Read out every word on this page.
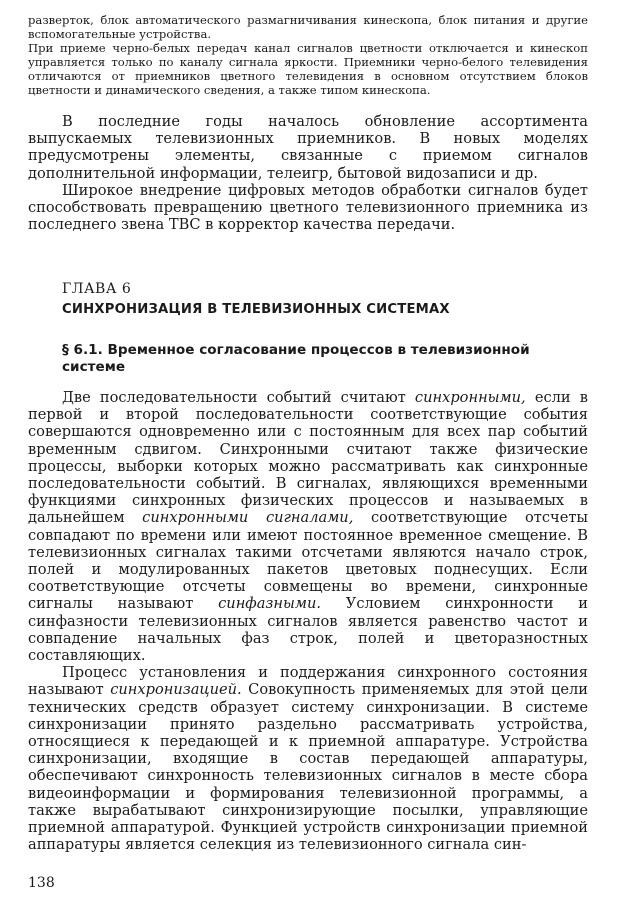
разверток, блок автоматического размагничивания кинескопа, блок питания и другие вспомогательные устройства.
При приеме черно-белых передач канал сигналов цветности отключается и кинескоп управляется только по каналу сигнала яркости. Приемники черно-белого телевидения отличаются от приемников цветного телевидения в основном отсутствием блоков цветности и динамического сведения, а также типом кинескопа.

В последние годы началось обновление ассортимента выпускаемых телевизионных приемников. В новых моделях предусмотрены элементы, связанные с приемом сигналов дополнительной информации, телеигр, бытовой видозаписи и др.

Широкое внедрение цифровых методов обработки сигналов будет способствовать превращению цветного телевизионного приемника из последнего звена ТВС в корректор качества передачи.

ГЛАВА 6
СИНХРОНИЗАЦИЯ В ТЕЛЕВИЗИОННЫХ СИСТЕМАХ
§ 6.1. Временное согласование процессов в телевизионной системе

Две последовательности событий считают синхронными, если в первой и второй последовательности соответствующие события совершаются одновременно или с постоянным для всех пар событий временным сдвигом. Синхронными считают также физические процессы, выборки которых можно рассматривать как синхронные последовательности событий. В сигналах, являющихся временными функциями синхронных физических процессов и называемых в дальнейшем синхронными сигналами, соответствующие отсчеты совпадают по времени или имеют постоянное временное смещение. В телевизионных сигналах такими отсчетами являются начало строк, полей и модулированных пакетов цветовых поднесущих. Если соответствующие отсчеты совмещены во времени, синхронные сигналы называют синфазными. Условием синхронности и синфазности телевизионных сигналов является равенство частот и совпадение начальных фаз строк, полей и цветоразностных составляющих.

Процесс установления и поддержания синхронного состояния называют синхронизацией. Совокупность применяемых для этой цели технических средств образует систему синхронизации. В системе синхронизации принято раздельно рассматривать устройства, относящиеся к передающей и к приемной аппаратуре. Устройства синхронизации, входящие в состав передающей аппаратуры, обеспечивают синхронность телевизионных сигналов в месте сбора видеоинформации и формирования телевизионной программы, а также вырабатывают синхронизирующие посылки, управляющие приемной аппаратурой. Функцией устройств синхронизации приемной аппаратуры является селекция из телевизионного сигнала син-

138
